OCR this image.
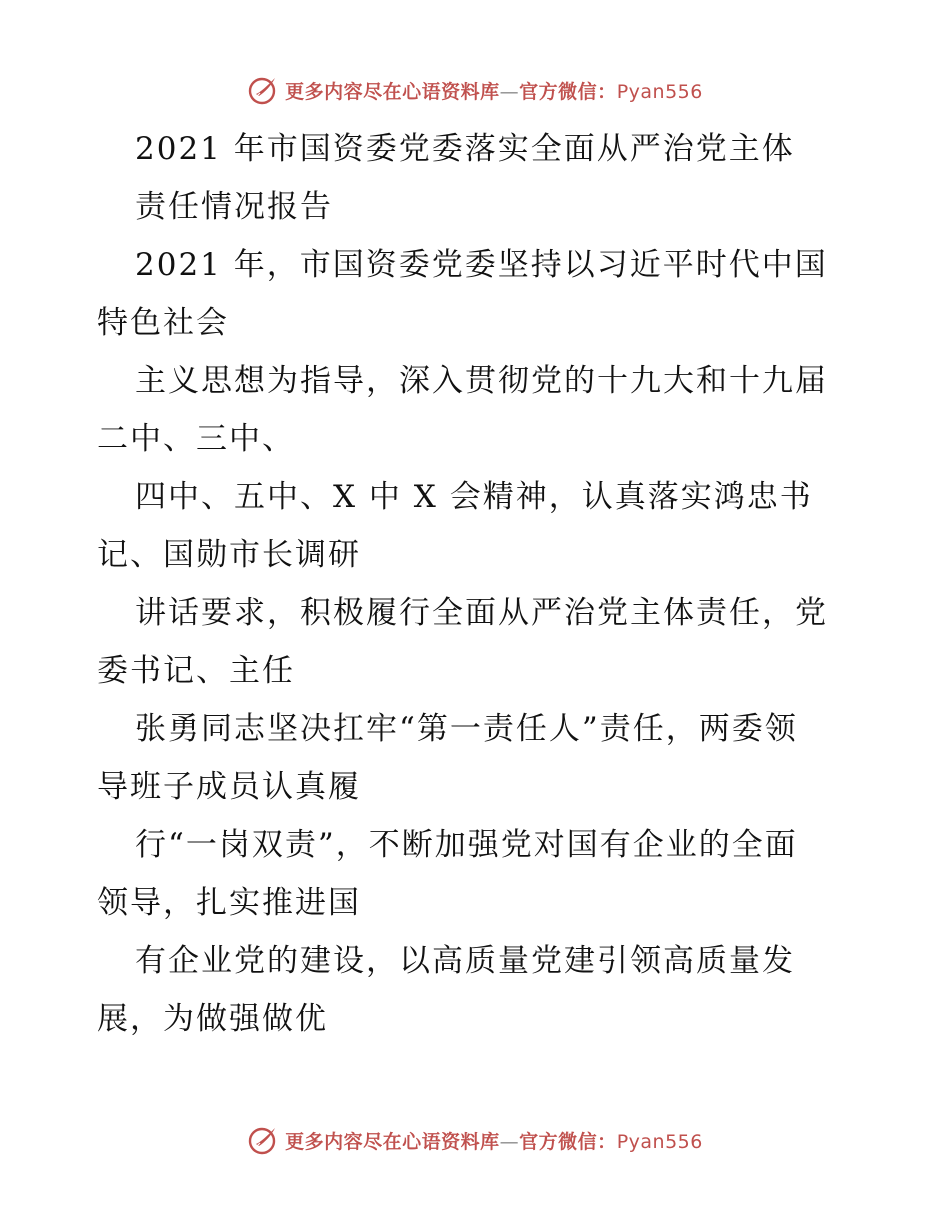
更多内容尽在心语资料库—官方微信：Pyan556
2021 年市国资委党委落实全面从严治党主体
责任情况报告
2021 年，市国资委党委坚持以习近平时代中国
特色社会
主义思想为指导，深入贯彻党的十九大和十九届
二中、三中、
四中、五中、X 中 X 会精神，认真落实鸿忠书
记、国勋市长调研
讲话要求，积极履行全面从严治党主体责任，党
委书记、主任
张勇同志坚决扛牢“第一责任人”责任，两委领
导班子成员认真履
行“一岗双责”，不断加强党对国有企业的全面
领导，扎实推进国
有企业党的建设，以高质量党建引领高质量发
展，为做强做优
更多内容尽在心语资料库—官方微信：Pyan556
